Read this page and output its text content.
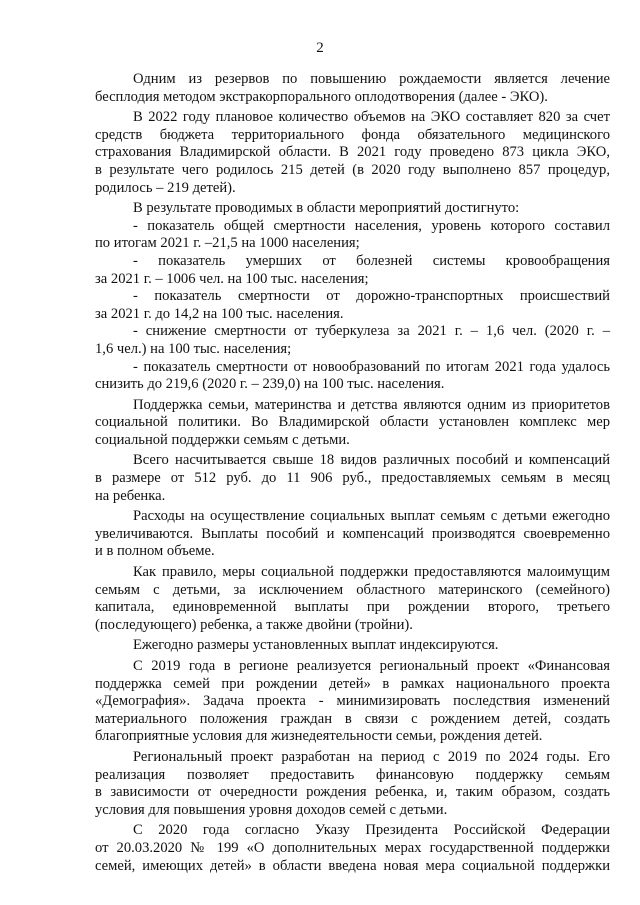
2
Одним из резервов по повышению рождаемости является лечение
бесплодия методом экстракорпорального оплодотворения (далее - ЭКО).
В 2022 году плановое количество объемов на ЭКО составляет 820 за счет
средств бюджета территориального фонда обязательного медицинского
страхования Владимирской области. В 2021 году проведено 873 цикла ЭКО,
в результате чего родилось 215 детей (в 2020 году выполнено 857 процедур,
родилось – 219 детей).
В результате проводимых в области мероприятий достигнуто:
- показатель общей смертности населения, уровень которого составил
по итогам 2021 г. –21,5 на 1000 населения;
- показатель умерших от болезней системы кровообращения
за 2021 г. – 1006 чел. на 100 тыс. населения;
- показатель смертности от дорожно-транспортных происшествий
за 2021 г. до 14,2 на 100 тыс. населения.
- снижение смертности от туберкулеза за 2021 г. – 1,6 чел. (2020 г. –
1,6 чел.) на 100 тыс. населения;
- показатель смертности от новообразований по итогам 2021 года удалось
снизить до 219,6 (2020 г. – 239,0) на 100 тыс. населения.
Поддержка семьи, материнства и детства являются одним из приоритетов
социальной политики. Во Владимирской области установлен комплекс мер
социальной поддержки семьям с детьми.
Всего насчитывается свыше 18 видов различных пособий и компенсаций
в размере от 512 руб. до 11 906 руб., предоставляемых семьям в месяц
на ребенка.
Расходы на осуществление социальных выплат семьям с детьми ежегодно
увеличиваются. Выплаты пособий и компенсаций производятся своевременно
и в полном объеме.
Как правило, меры социальной поддержки предоставляются малоимущим
семьям с детьми, за исключением областного материнского (семейного)
капитала, единовременной выплаты при рождении второго, третьего
(последующего) ребенка, а также двойни (тройни).
Ежегодно размеры установленных выплат индексируются.
С 2019 года в регионе реализуется региональный проект «Финансовая
поддержка семей при рождении детей» в рамках национального проекта
«Демография». Задача проекта - минимизировать последствия изменений
материального положения граждан в связи с рождением детей, создать
благоприятные условия для жизнедеятельности семьи, рождения детей.
Региональный проект разработан на период с 2019 по 2024 годы. Его
реализация позволяет предоставить финансовую поддержку семьям
в зависимости от очередности рождения ребенка, и, таким образом, создать
условия для повышения уровня доходов семей с детьми.
С 2020 года согласно Указу Президента Российской Федерации
от 20.03.2020 № 199 «О дополнительных мерах государственной поддержки
семей, имеющих детей» в области введена новая мера социальной поддержки
